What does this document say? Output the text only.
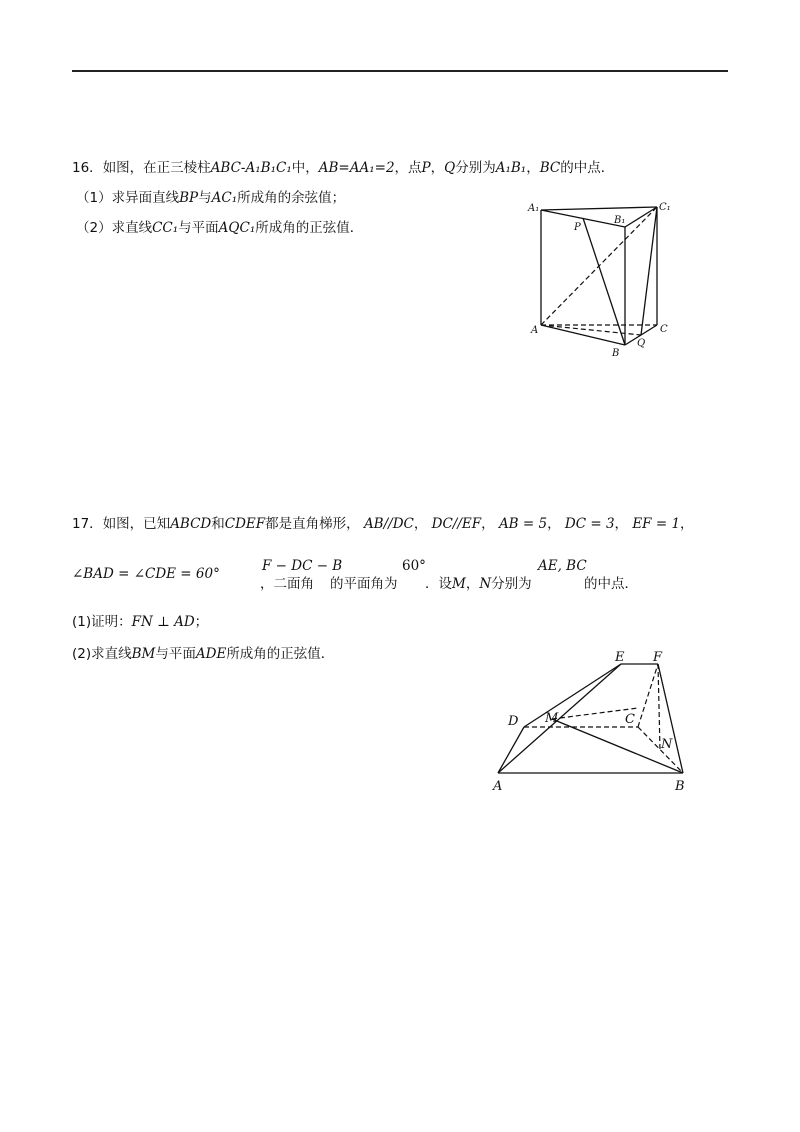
16．如图，在正三棱柱ABC-A₁B₁C₁中，AB=AA₁=2，点P，Q分别为A₁B₁，BC的中点．
（1）求异面直线BP与AC₁所成角的余弦值；
（2）求直线CC₁与平面AQC₁所成角的正弦值．
A₁
B₁
C₁
P
A
B
C
Q
17．如图，已知ABCD和CDEF都是直角梯形， AB//DC， DC//EF， AB = 5， DC = 3， EF = 1，
∠BAD = ∠CDE = 60°
，二面角
F − DC − B
的平面角为
60°
．设M，N分别为
AE, BC
的中点．
(1)证明：FN ⊥ AD；
(2)求直线BM与平面ADE所成角的正弦值．	E F
D M	C
N
A	B
